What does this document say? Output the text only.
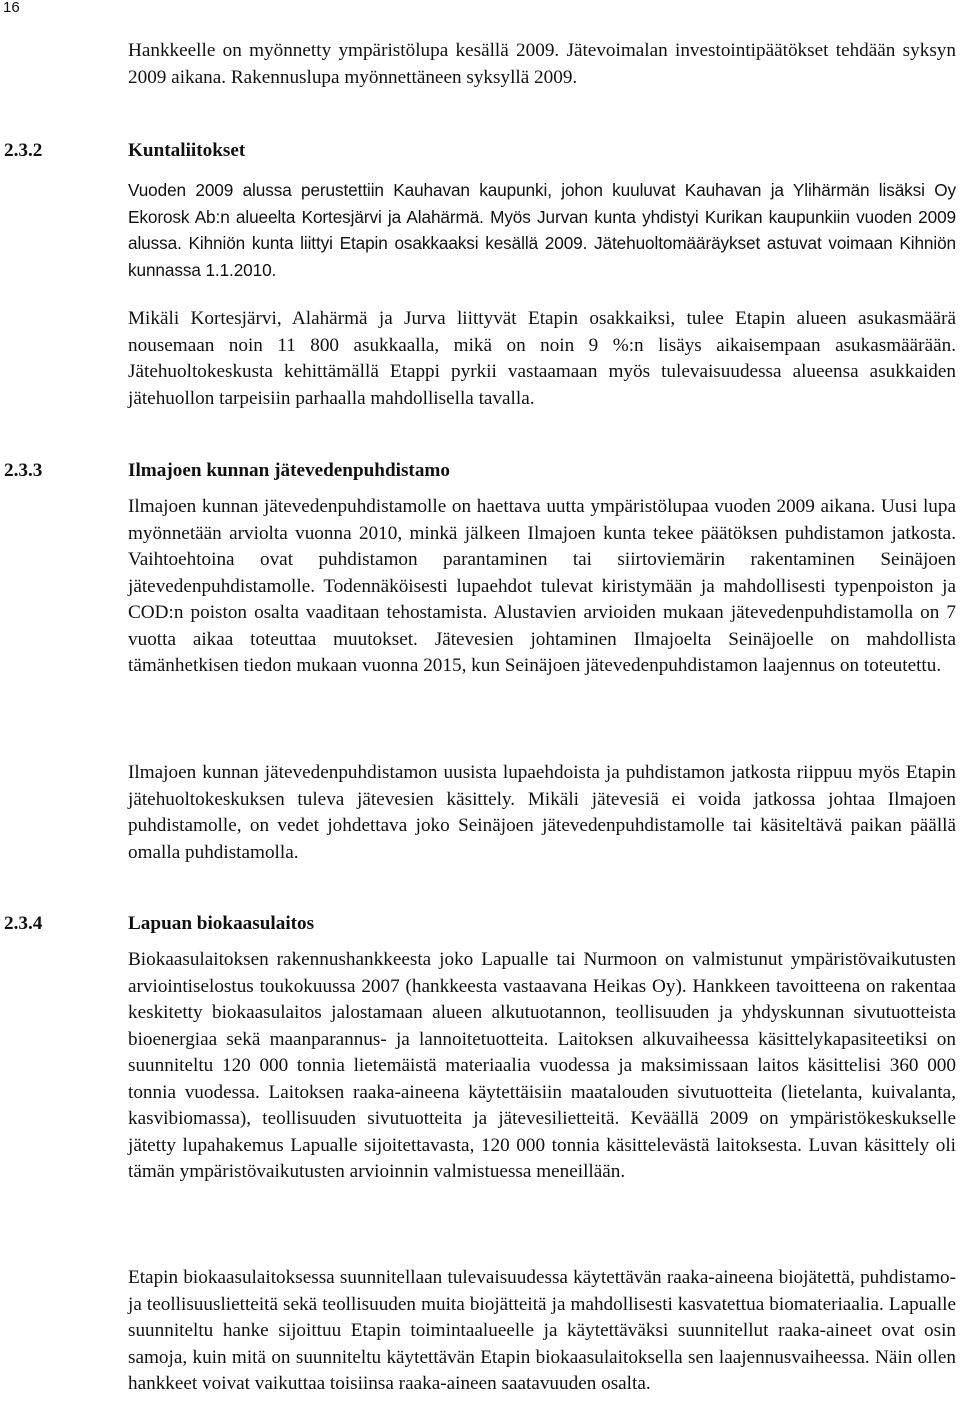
16

Hankkeelle on myönnetty ympäristölupa kesällä 2009. Jätevoimalan investointipäätökset tehdään syksyn 2009 aikana. Rakennuslupa myönnettäneen syksyllä 2009.

2.3.2	Kuntaliitokset

Vuoden 2009 alussa perustettiin Kauhavan kaupunki, johon kuuluvat Kauhavan ja Ylihärmän lisäksi Oy Ekorosk Ab:n alueelta Kortesjärvi ja Alahärmä. Myös Jurvan kunta yhdistyi Kurikan kaupunkiin vuoden 2009 alussa. Kihniön kunta liittyi Etapin osakkaaksi kesällä 2009. Jätehuoltomääräykset astuvat voimaan Kihniön kunnassa 1.1.2010.

Mikäli Kortesjärvi, Alahärmä ja Jurva liittyvät Etapin osakkaiksi, tulee Etapin alueen asukasmäärä nousemaan noin 11 800 asukkaalla, mikä on noin 9 %:n lisäys aikaisempaan asukasmäärään. Jätehuoltokeskusta kehittämällä Etappi pyrkii vastaamaan myös tulevaisuudessa alueensa asukkaiden jätehuollon tarpeisiin parhaalla mahdollisella tavalla.

2.3.3	Ilmajoen kunnan jätevedenpuhdistamo

Ilmajoen kunnan jätevedenpuhdistamolle on haettava uutta ympäristölupaa vuoden 2009 aikana. Uusi lupa myönnetään arviolta vuonna 2010, minkä jälkeen Ilmajoen kunta tekee päätöksen puhdistamon jatkosta. Vaihtoehtoina ovat puhdistamon parantaminen tai siirtoviemärin rakentaminen Seinäjoen jätevedenpuhdistamolle. Todennäköisesti lupaehdot tulevat kiristymään ja mahdollisesti typenpoiston ja COD:n poiston osalta vaaditaan tehostamista. Alustavien arvioiden mukaan jätevedenpuhdistamolla on 7 vuotta aikaa toteuttaa muutokset. Jätevesien johtaminen Ilmajoelta Seinäjoelle on mahdollista tämänhetkisen tiedon mukaan vuonna 2015, kun Seinäjoen jätevedenpuhdistamon laajennus on toteutettu.

Ilmajoen kunnan jätevedenpuhdistamon uusista lupaehdoista ja puhdistamon jatkosta riippuu myös Etapin jätehuoltokeskuksen tuleva jätevesien käsittely. Mikäli jätevesiä ei voida jatkossa johtaa Ilmajoen puhdistamolle, on vedet johdettava joko Seinäjoen jätevedenpuhdistamolle tai käsiteltävä paikan päällä omalla puhdistamolla.

2.3.4	Lapuan biokaasulaitos

Biokaasulaitoksen rakennushankkeesta joko Lapualle tai Nurmoon on valmistunut ympäristövaikutusten arviointiselostus toukokuussa 2007 (hankkeesta vastaavana Heikas Oy). Hankkeen tavoitteena on rakentaa keskitetty biokaasulaitos jalostamaan alueen alkutuotannon, teollisuuden ja yhdyskunnan sivutuotteista bioenergiaa sekä maanparannus- ja lannoitetuotteita. Laitoksen alkuvaiheessa käsittelykapasiteetiksi on suunniteltu 120 000 tonnia lietemäistä materiaalia vuodessa ja maksimissaan laitos käsittelisi 360 000 tonnia vuodessa. Laitoksen raaka-aineena käytettäisiin maatalouden sivutuotteita (lietelanta, kuivalanta, kasvibiomassa), teollisuuden sivutuotteita ja jätevesilietteitä. Keväällä 2009 on ympäristökeskukselle jätetty lupahakemus Lapualle sijoitettavasta, 120 000 tonnia käsittelevästä laitoksesta. Luvan käsittely oli tämän ympäristövaikutusten arvioinnin valmistuessa meneillään.

Etapin biokaasulaitoksessa suunnitellaan tulevaisuudessa käytettävän raaka-aineena biojätettä, puhdistamo- ja teollisuuslietteitä sekä teollisuuden muita biojätteitä ja mahdollisesti kasvatettua biomateriaalia. Lapualle suunniteltu hanke sijoittuu Etapin toimintaalueelle ja käytettäväksi suunnitellut raaka-aineet ovat osin samoja, kuin mitä on suunniteltu käytettävän Etapin biokaasulaitoksella sen laajennusvaiheessa. Näin ollen hankkeet voivat vaikuttaa toisiinsa raaka-aineen saatavuuden osalta.
